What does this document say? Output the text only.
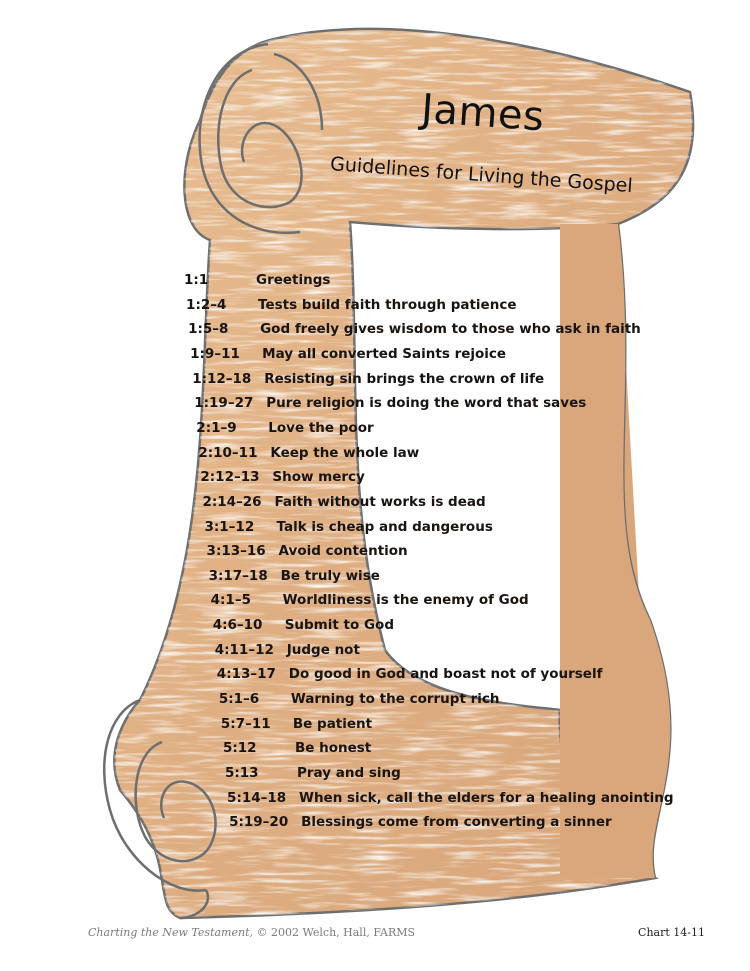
James
Guidelines for Living the Gospel
1:1	Greetings
1:2–4 Tests build faith through patience
1:5–8 God freely gives wisdom to those who ask in faith
1:9–11 May all converted Saints rejoice
1:12–18 Resisting sin brings the crown of life
1:19–27 Pure religion is doing the word that saves
2:1–9 Love the poor
2:10–11 Keep the whole law
2:12–13 Show mercy
2:14–26 Faith without works is dead
3:1–12 Talk is cheap and dangerous
3:13–16 Avoid contention
3:17–18 Be truly wise
4:1–5 Worldliness is the enemy of God
4:6–10 Submit to God
4:11–12 Judge not
4:13–17 Do good in God and boast not of yourself
5:1–6 Warning to the corrupt rich
5:7–11 Be patient
5:12	Be honest
5:13	Pray and sing
5:14–18 When sick, call the elders for a healing anointing
5:19–20 Blessings come from converting a sinner
Charting the New Testament, © 2002 Welch, Hall, FARMS	Chart 14-11
